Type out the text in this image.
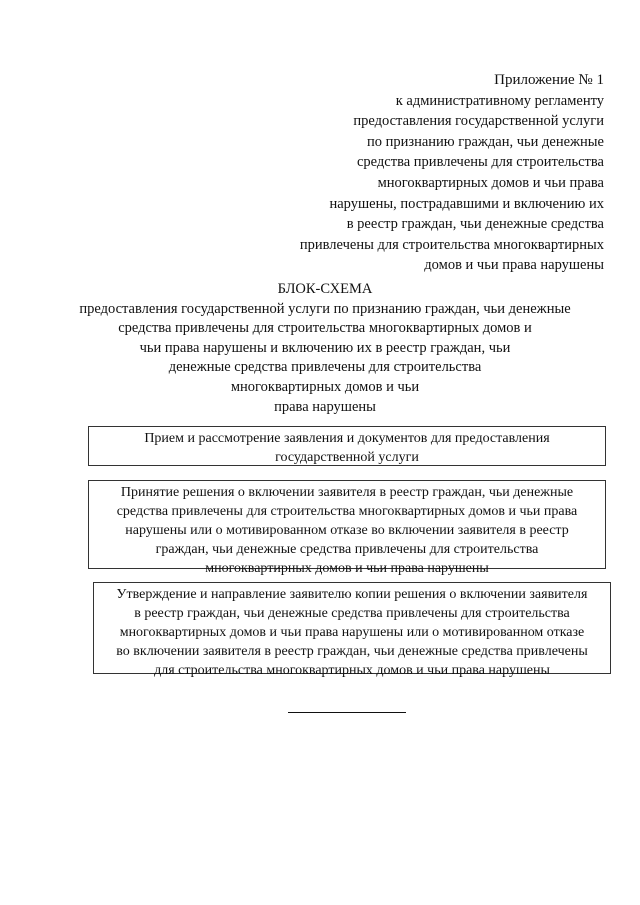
Приложение № 1
к административному регламенту
предоставления государственной услуги
по признанию граждан, чьи денежные
средства привлечены для строительства
многоквартирных домов и чьи права
нарушены, пострадавшими и включению их
в реестр граждан, чьи денежные средства
привлечены для строительства многоквартирных
домов и чьи права нарушены
БЛОК-СХЕМА
предоставления государственной услуги по признанию граждан, чьи денежные
средства привлечены для строительства многоквартирных домов и
чьи права нарушены и включению их в реестр граждан, чьи
денежные средства привлечены для строительства
многоквартирных домов и чьи
права нарушены
Прием и рассмотрение заявления и документов для предоставления
государственной услуги
Принятие решения о включении заявителя в реестр граждан, чьи денежные
средства привлечены для строительства многоквартирных домов и чьи права
нарушены или о мотивированном отказе во включении заявителя в реестр
граждан, чьи денежные средства привлечены для строительства
многоквартирных домов и чьи права нарушены
Утверждение и направление заявителю копии решения о включении заявителя
в реестр граждан, чьи денежные средства привлечены для строительства
многоквартирных домов и чьи права нарушены или о мотивированном отказе
во включении заявителя в реестр граждан, чьи денежные средства привлечены
для строительства многоквартирных домов и чьи права нарушены
